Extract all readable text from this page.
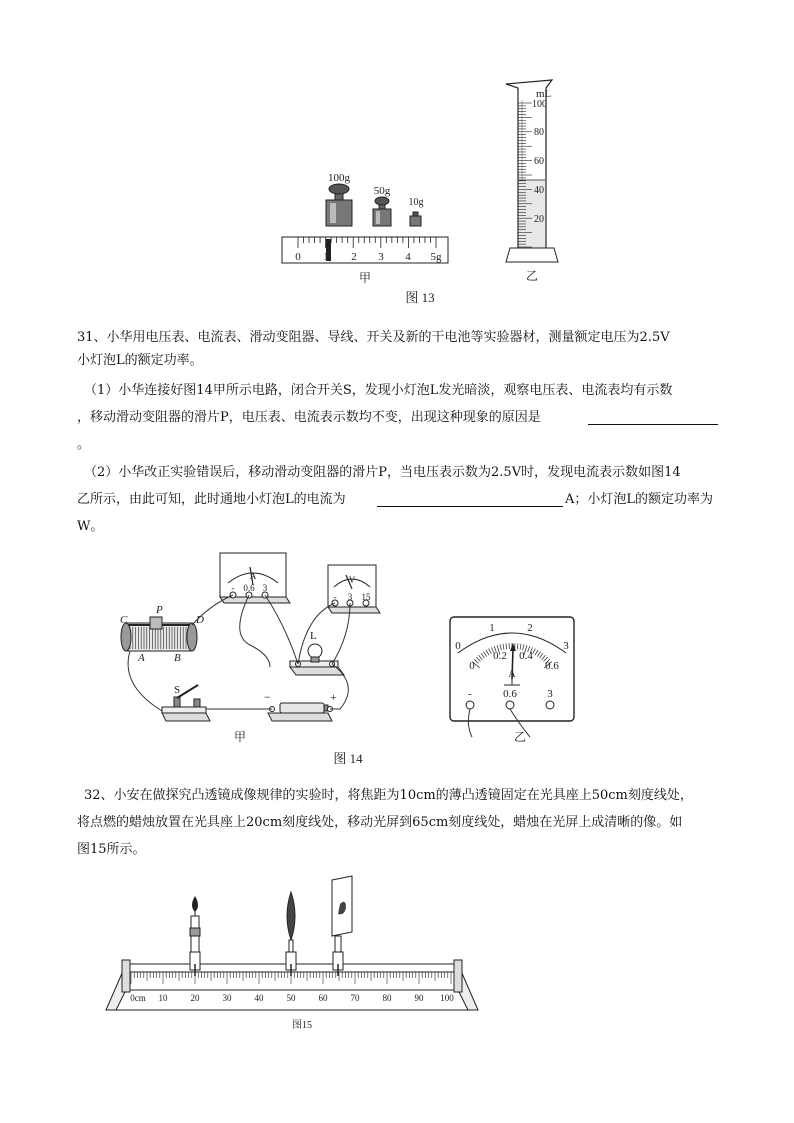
100g
50g
10g
0 1 2 3 4 5g
甲
mL
100
80
60
40
20
乙
图 13
31、小华用电压表、电流表、滑动变阻器、导线、开关及新的干电池等实验器材，测量额定电压为2.5V
小灯泡L的额定功率。
（1）小华连接好图14甲所示电路，闭合开关S，发现小灯泡L发光暗淡，观察电压表、电流表均有示数
，移动滑动变阻器的滑片P，电压表、电流表示数均不变，出现这种现象的原因是
。
（2）小华改正实验错误后，移动滑动变阻器的滑片P，当电压表示数为2.5V时，发现电流表示数如图14
乙所示，由此可知，此时通地小灯泡L的电流为	A；小灯泡L的额定功率为
W。
A
- 0.6 3
V
- 3 15
C
P
D
A	B
L
S	−	+
甲
图 14
0
1	2
3
0
0.2 0.4
0.6
A
-	0.6	3
乙
32、小安在做探究凸透镜成像规律的实验时，将焦距为10cm的薄凸透镜固定在光具座上50cm刻度线处，
将点燃的蜡烛放置在光具座上20cm刻度线处，移动光屏到65cm刻度线处，蜡烛在光屏上成清晰的像。如
图15所示。
0cm 10	20	30	40	50	60	70	80	90 100
图15
